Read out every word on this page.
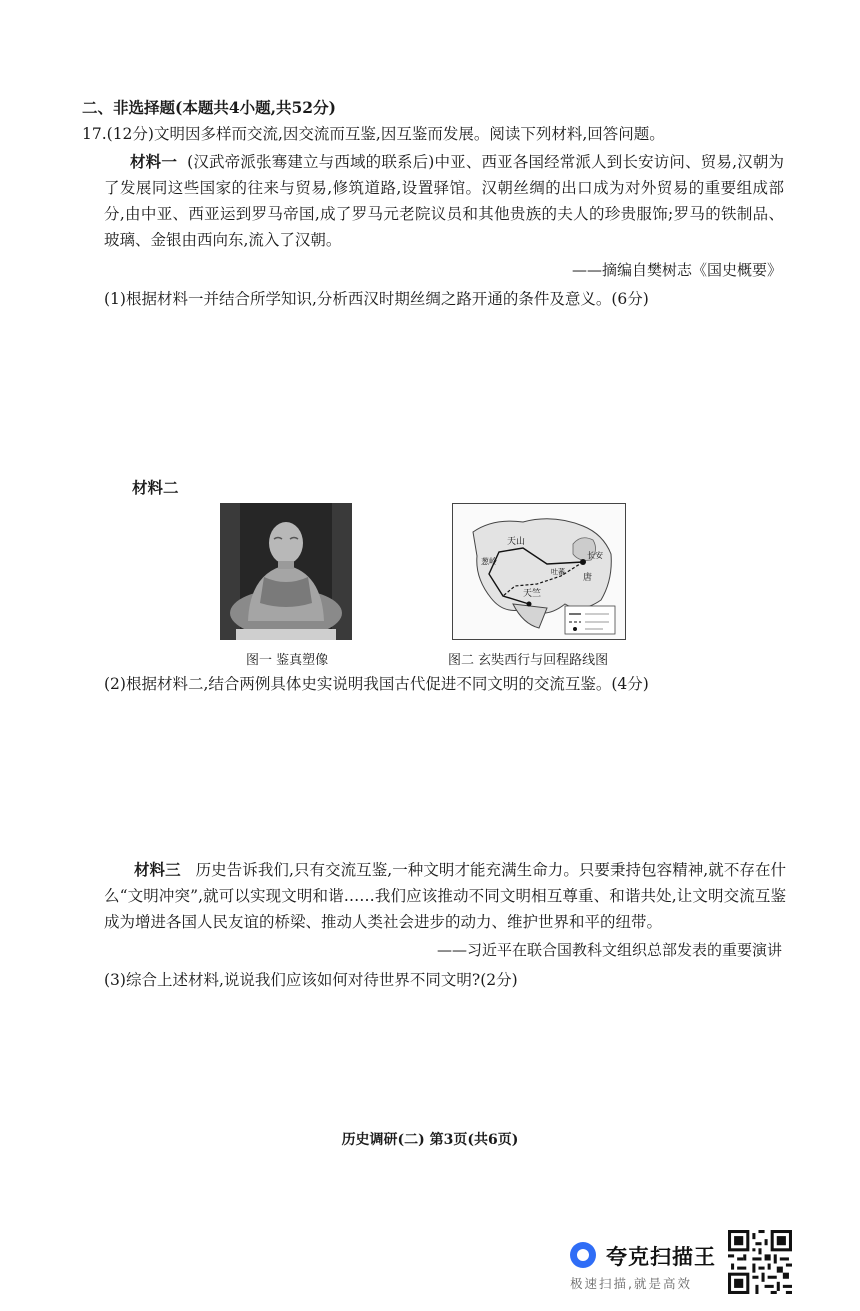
二、非选择题(本题共4小题,共52分)
17.(12分)文明因多样而交流,因交流而互鉴,因互鉴而发展。阅读下列材料,回答问题。
材料一 (汉武帝派张骞建立与西域的联系后)中亚、西亚各国经常派人到长安访问、贸易,汉朝为了发展同这些国家的往来与贸易,修筑道路,设置驿馆。汉朝丝绸的出口成为对外贸易的重要组成部分,由中亚、西亚运到罗马帝国,成了罗马元老院议员和其他贵族的夫人的珍贵服饰;罗马的铁制品、玻璃、金银由西向东,流入了汉朝。
——摘编自樊树志《国史概要》
(1)根据材料一并结合所学知识,分析西汉时期丝绸之路开通的条件及意义。(6分)
材料二
天山
葱岭
长安
唐
天竺
吐蕃
图一 鉴真塑像	图二 玄奘西行与回程路线图
(2)根据材料二,结合两例具体史实说明我国古代促进不同文明的交流互鉴。(4分)
材料三 历史告诉我们,只有交流互鉴,一种文明才能充满生命力。只要秉持包容精神,就不存在什么“文明冲突”,就可以实现文明和谐……我们应该推动不同文明相互尊重、和谐共处,让文明交流互鉴成为增进各国人民友谊的桥梁、推动人类社会进步的动力、维护世界和平的纽带。
——习近平在联合国教科文组织总部发表的重要演讲
(3)综合上述材料,说说我们应该如何对待世界不同文明?(2分)
历史调研(二) 第3页(共6页)
夸克扫描王
极速扫描,就是高效
